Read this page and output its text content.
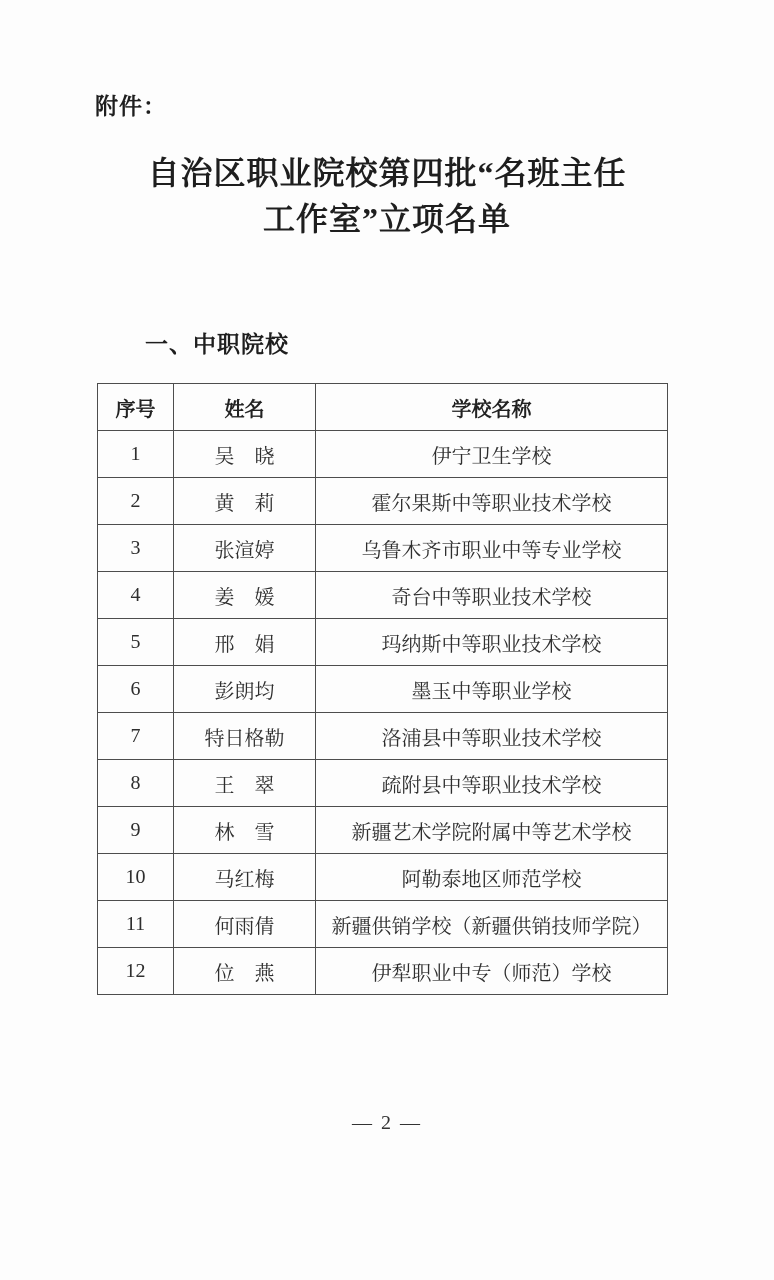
附件：
自治区职业院校第四批“名班主任
工作室”立项名单
一、中职院校
序号	姓名	学校名称
1	吴　晓	伊宁卫生学校
2	黄　莉	霍尔果斯中等职业技术学校
3	张渲婷	乌鲁木齐市职业中等专业学校
4	姜　媛	奇台中等职业技术学校
5	邢　娟	玛纳斯中等职业技术学校
6	彭朗均	墨玉中等职业学校
7	特日格勒	洛浦县中等职业技术学校
8	王　翠	疏附县中等职业技术学校
9	林　雪	新疆艺术学院附属中等艺术学校
10	马红梅	阿勒泰地区师范学校
11	何雨倩	新疆供销学校（新疆供销技师学院）
12	位　燕	伊犁职业中专（师范）学校
— 2 —
